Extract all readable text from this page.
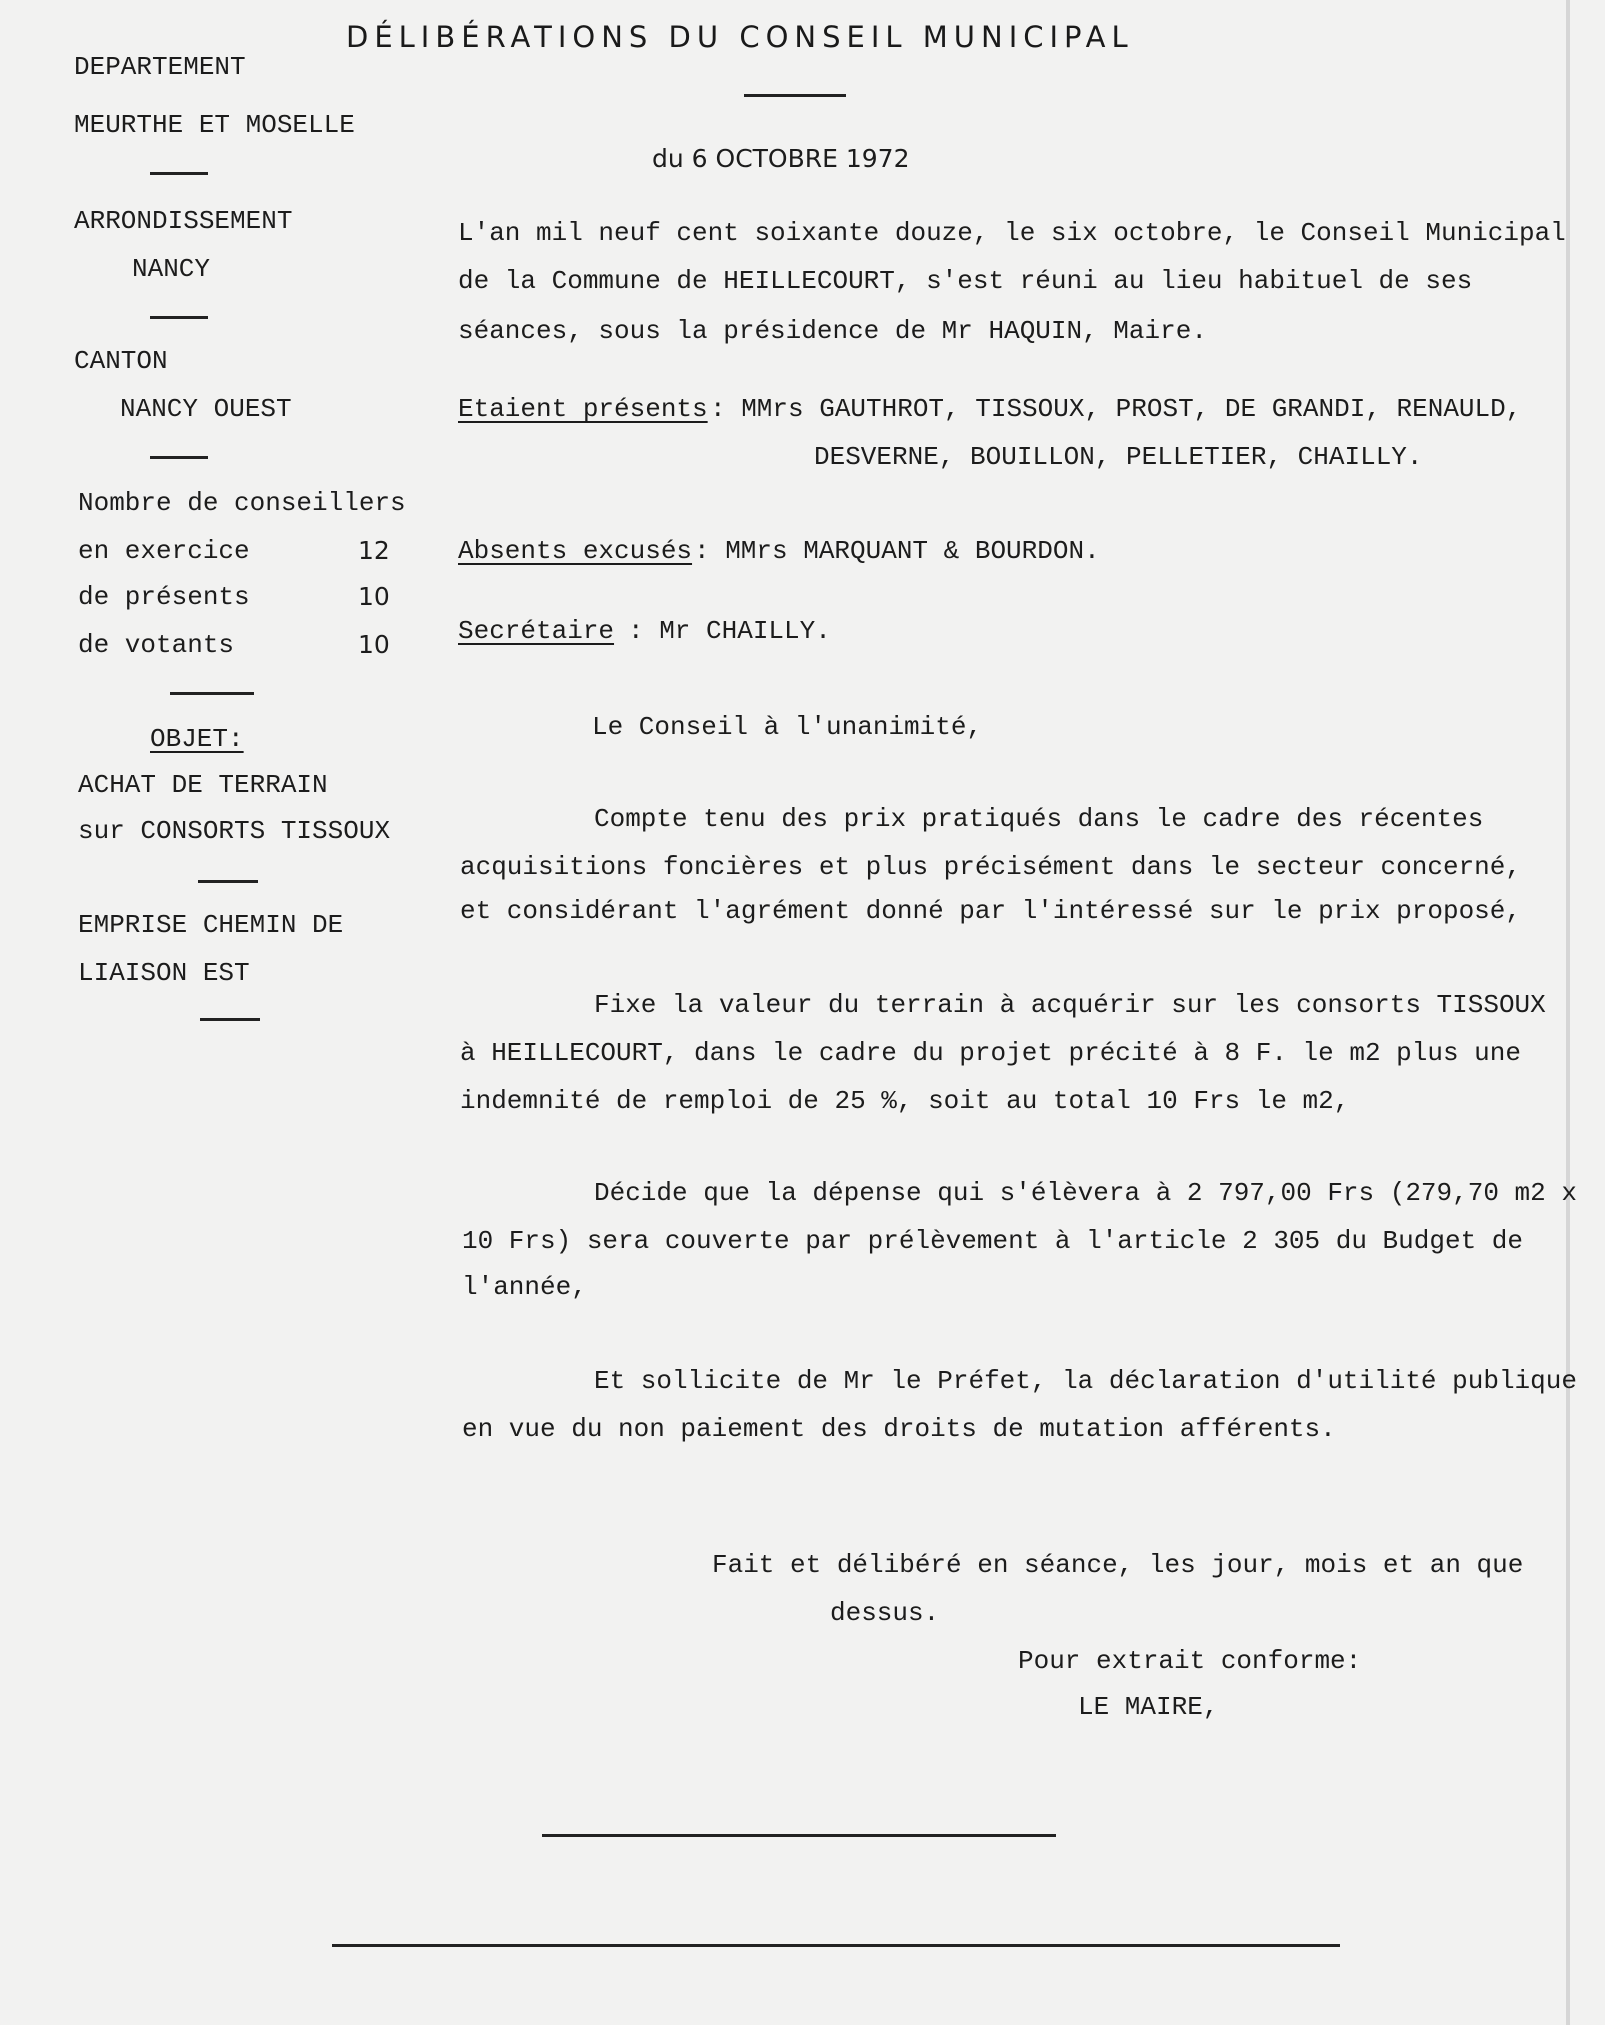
DÉLIBÉRATIONS DU CONSEIL MUNICIPAL
DEPARTEMENT
MEURTHE ET MOSELLE
ARRONDISSEMENT
NANCY
CANTON
NANCY OUEST
Nombre de conseillers
en exercice	12
de présents	10
de votants	10
OBJET:
ACHAT DE TERRAIN
sur CONSORTS TISSOUX
EMPRISE CHEMIN DE
LIAISON EST
du 6 OCTOBRE 1972
L'an mil neuf cent soixante douze, le six octobre, le Conseil Municipal
de la Commune de HEILLECOURT, s'est réuni au lieu habituel de ses
séances, sous la présidence de Mr HAQUIN, Maire.
Etaient présents : MMrs GAUTHROT, TISSOUX, PROST, DE GRANDI, RENAULD,
DESVERNE, BOUILLON, PELLETIER, CHAILLY.
Absents excusés : MMrs MARQUANT & BOURDON.
Secrétaire : Mr CHAILLY.
Le Conseil à l'unanimité,
Compte tenu des prix pratiqués dans le cadre des récentes
acquisitions foncières et plus précisément dans le secteur concerné,
et considérant l'agrément donné par l'intéressé sur le prix proposé,
Fixe la valeur du terrain à acquérir sur les consorts TISSOUX
à HEILLECOURT, dans le cadre du projet précité à 8 F. le m2 plus une
indemnité de remploi de 25 %, soit au total 10 Frs le m2,
Décide que la dépense qui s'élèvera à 2 797,00 Frs (279,70 m2 x
10 Frs) sera couverte par prélèvement à l'article 2 305 du Budget de
l'année,
Et sollicite de Mr le Préfet, la déclaration d'utilité publique
en vue du non paiement des droits de mutation afférents.
Fait et délibéré en séance, les jour, mois et an que
dessus.
Pour extrait conforme:
LE MAIRE,
